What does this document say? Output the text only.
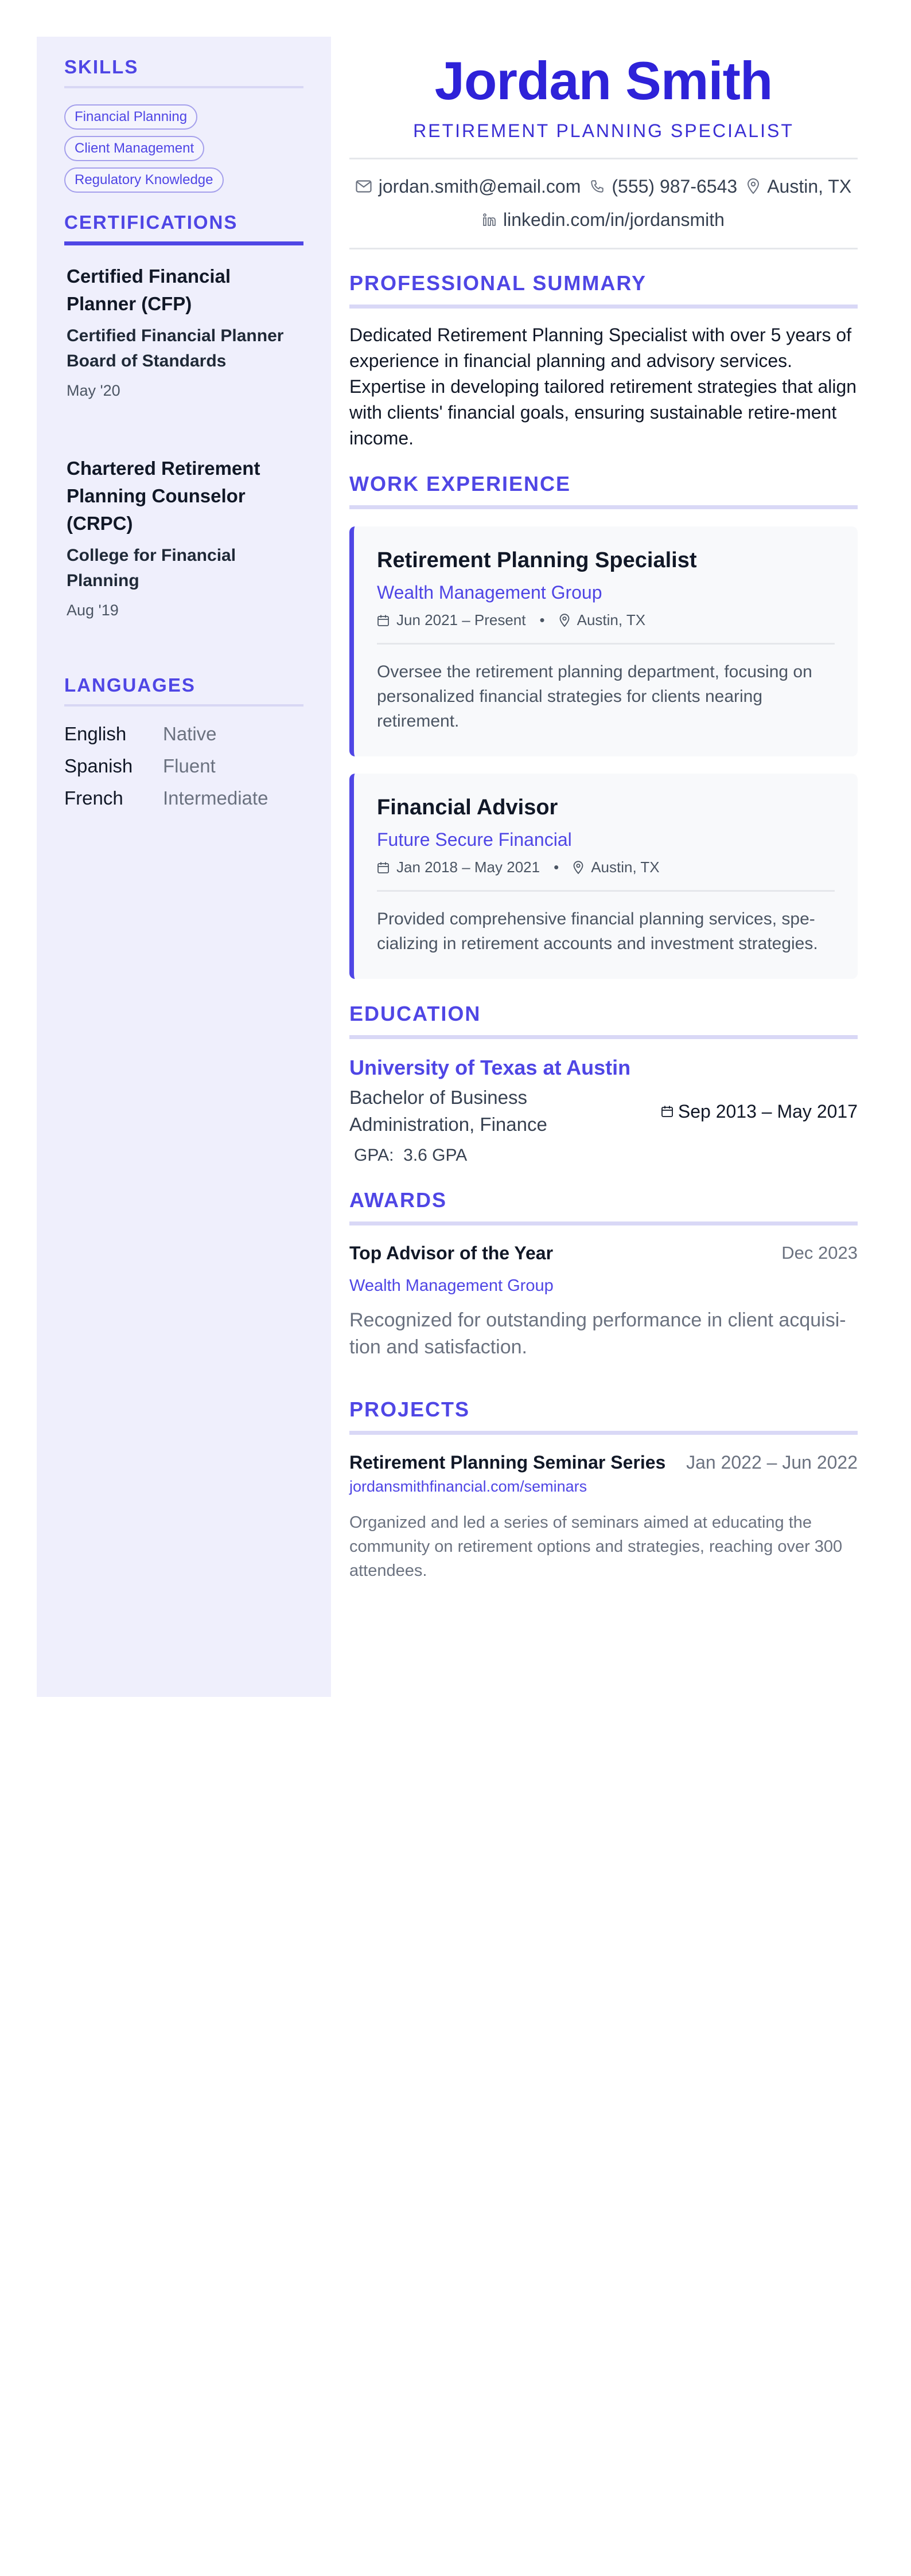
SKILLS
Financial Planning
Client Management
Regulatory Knowledge
CERTIFICATIONS
Certified Financial Planner (CFP)
Certified Financial Planner Board of Standards
May '20
Chartered Retirement Planning Counselor (CRPC)
College for Financial Planning
Aug '19
LANGUAGES
English	Native
Spanish	Fluent
French	Intermediate
Jordan Smith
RETIREMENT PLANNING SPECIALIST
jordan.smith@email.com (555) 987-6543 Austin, TX
linkedin.com/in/jordansmith
PROFESSIONAL SUMMARY

Dedicated Retirement Planning Specialist with over 5 years of experience in financial planning and advisory services. Expertise in developing tailored retirement strategies that align with clients' financial goals, ensuring sustainable retire-ment income.

WORK EXPERIENCE
Retirement Planning Specialist
Wealth Management Group
Jun 2021 – Present • Austin, TX
Oversee the retirement planning department, focusing on personalized financial strategies for clients nearing retirement.
Financial Advisor
Future Secure Financial
Jan 2018 – May 2021 • Austin, TX
Provided comprehensive financial planning services, spe-cializing in retirement accounts and investment strategies.
EDUCATION
University of Texas at Austin
Bachelor of Business Administration, Finance
GPA: 3.6 GPA
Sep 2013 – May 2017
AWARDS
Top Advisor of the Year	Dec 2023
Wealth Management Group
Recognized for outstanding performance in client acquisi-tion and satisfaction.
PROJECTS
Retirement Planning Seminar Series Jan 2022 – Jun 2022
jordansmithfinancial.com/seminars
Organized and led a series of seminars aimed at educating the community on retirement options and strategies, reaching over 300 attendees.
